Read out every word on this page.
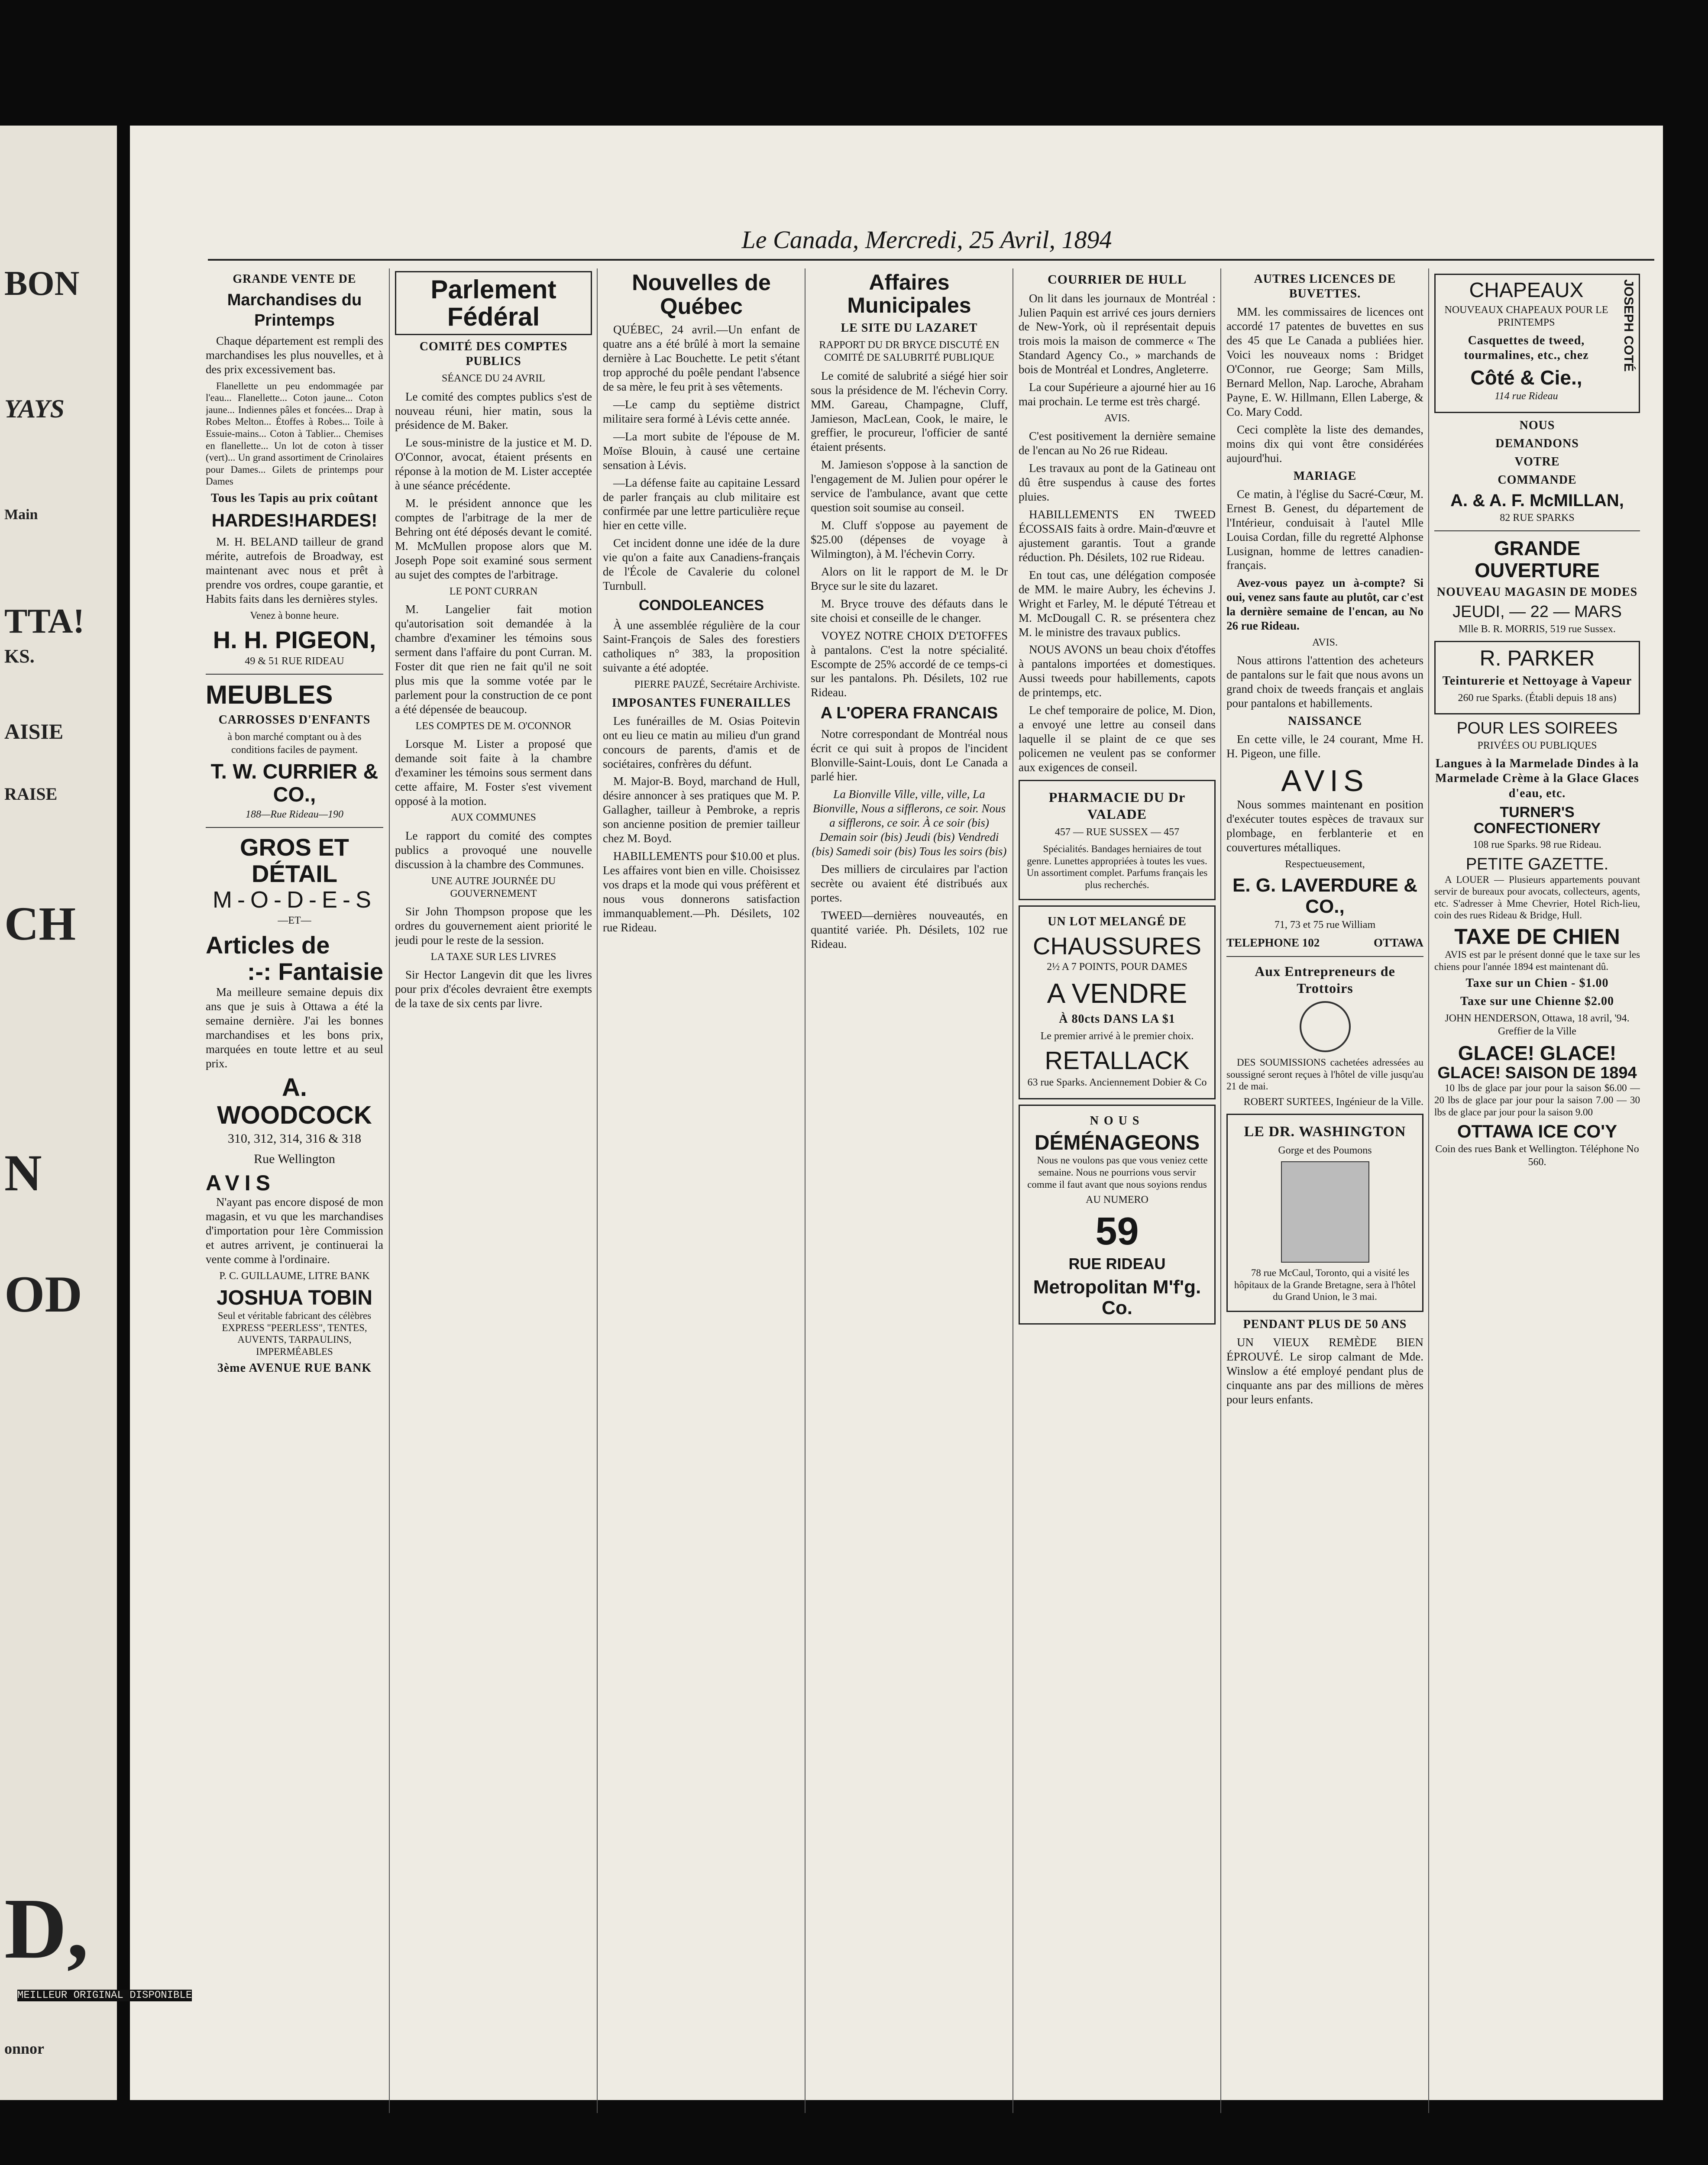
BON
YAYS
Main
TTA!
KS.
AISIE
RAISE
CH
N
OD
D,
onnor
Le Canada, Mercredi, 25 Avril, 1894
GRANDE VENTE DE
Marchandises du Printemps

Chaque département est rempli des marchandises les plus nouvelles, et à des prix excessivement bas.

Flanellette un peu endommagée par l'eau... Flanellette... Coton jaune... Coton jaune... Indiennes pâles et foncées... Drap à Robes Melton... Étoffes à Robes... Toile à Essuie-mains... Coton à Tablier... Chemises en flanellette... Un lot de coton à tisser (vert)... Un grand assortiment de Crinolaires pour Dames... Gilets de printemps pour Dames

Tous les Tapis au prix coûtant
HARDES!HARDES!

M. H. BELAND tailleur de grand mérite, autrefois de Broadway, est maintenant avec nous et prêt à prendre vos ordres, coupe garantie, et Habits faits dans les dernières styles.

Venez à bonne heure.
H. H. PIGEON,
49 & 51 RUE RIDEAU
MEUBLES
CARROSSES D'ENFANTS
à bon marché comptant ou à des conditions faciles de payment.
T. W. CURRIER & CO.,
188—Rue Rideau—190
GROS ET DÉTAIL
M-O-D-E-S
—ET—
Articles de
:-: Fantaisie

Ma meilleure semaine depuis dix ans que je suis à Ottawa a été la semaine dernière. J'ai les bonnes marchandises et les bons prix, marquées en toute lettre et au seul prix.

A. WOODCOCK
310, 312, 314, 316 & 318
Rue Wellington
AVIS

N'ayant pas encore disposé de mon magasin, et vu que les marchandises d'importation pour 1ère Commission et autres arrivent, je continuerai la vente comme à l'ordinaire.

P. C. GUILLAUME, LITRE BANK
JOSHUA TOBIN

Seul et véritable fabricant des célèbres EXPRESS "PEERLESS", TENTES, AUVENTS, TARPAULINS, IMPERMÉABLES

3ème AVENUE RUE BANK
Parlement Fédéral
COMITÉ DES COMPTES PUBLICS
SÉANCE DU 24 AVRIL

Le comité des comptes publics s'est de nouveau réuni, hier matin, sous la présidence de M. Baker.

Le sous-ministre de la justice et M. D. O'Connor, avocat, étaient présents en réponse à la motion de M. Lister acceptée à une séance précédente.

M. le président annonce que les comptes de l'arbitrage de la mer de Behring ont été déposés devant le comité. M. McMullen propose alors que M. Joseph Pope soit examiné sous serment au sujet des comptes de l'arbitrage.

LE PONT CURRAN

M. Langelier fait motion qu'autorisation soit demandée à la chambre d'examiner les témoins sous serment dans l'affaire du pont Curran. M. Foster dit que rien ne fait qu'il ne soit plus mis que la somme votée par le parlement pour la construction de ce pont a été dépensée de beaucoup.

LES COMPTES DE M. O'CONNOR

Lorsque M. Lister a proposé que demande soit faite à la chambre d'examiner les témoins sous serment dans cette affaire, M. Foster s'est vivement opposé à la motion.

AUX COMMUNES

Le rapport du comité des comptes publics a provoqué une nouvelle discussion à la chambre des Communes.

UNE AUTRE JOURNÉE DU GOUVERNEMENT

Sir John Thompson propose que les ordres du gouvernement aient priorité le jeudi pour le reste de la session.

LA TAXE SUR LES LIVRES

Sir Hector Langevin dit que les livres pour prix d'écoles devraient être exempts de la taxe de six cents par livre.

Nouvelles de Québec

QUÉBEC, 24 avril.—Un enfant de quatre ans a été brûlé à mort la semaine dernière à Lac Bouchette. Le petit s'étant trop approché du poêle pendant l'absence de sa mère, le feu prit à ses vêtements.

—Le camp du septième district militaire sera formé à Lévis cette année.

—La mort subite de l'épouse de M. Moïse Blouin, à causé une certaine sensation à Lévis.

—La défense faite au capitaine Lessard de parler français au club militaire est confirmée par une lettre particulière reçue hier en cette ville.

Cet incident donne une idée de la dure vie qu'on a faite aux Canadiens-français de l'École de Cavalerie du colonel Turnbull.

CONDOLEANCES

À une assemblée régulière de la cour Saint-François de Sales des forestiers catholiques n° 383, la proposition suivante a été adoptée.

PIERRE PAUZÉ, Secrétaire Archiviste.
IMPOSANTES FUNERAILLES

Les funérailles de M. Osias Poitevin ont eu lieu ce matin au milieu d'un grand concours de parents, d'amis et de sociétaires, confrères du défunt.

M. Major-B. Boyd, marchand de Hull, désire annoncer à ses pratiques que M. P. Gallagher, tailleur à Pembroke, a repris son ancienne position de premier tailleur chez M. Boyd.

HABILLEMENTS pour $10.00 et plus. Les affaires vont bien en ville. Choisissez vos draps et la mode qui vous préfèrent et nous vous donnerons satisfaction immanquablement.—Ph. Désilets, 102 rue Rideau.

Affaires Municipales
LE SITE DU LAZARET
RAPPORT DU DR BRYCE DISCUTÉ EN COMITÉ DE SALUBRITÉ PUBLIQUE

Le comité de salubrité a siégé hier soir sous la présidence de M. l'échevin Corry. MM. Gareau, Champagne, Cluff, Jamieson, MacLean, Cook, le maire, le greffier, le procureur, l'officier de santé étaient présents.

M. Jamieson s'oppose à la sanction de l'engagement de M. Julien pour opérer le service de l'ambulance, avant que cette question soit soumise au conseil.

M. Cluff s'oppose au payement de $25.00 (dépenses de voyage à Wilmington), à M. l'échevin Corry.

Alors on lit le rapport de M. le Dr Bryce sur le site du lazaret.

M. Bryce trouve des défauts dans le site choisi et conseille de le changer.

VOYEZ NOTRE CHOIX D'ETOFFES à pantalons. C'est la notre spécialité. Escompte de 25% accordé de ce temps-ci sur les pantalons. Ph. Désilets, 102 rue Rideau.

A L'OPERA FRANCAIS

Notre correspondant de Montréal nous écrit ce qui suit à propos de l'incident Blonville-Saint-Louis, dont Le Canada a parlé hier.

La Bionville Ville, ville, ville, La Bionville, Nous a sifflerons, ce soir. Nous a sifflerons, ce soir. À ce soir (bis) Demain soir (bis) Jeudi (bis) Vendredi (bis) Samedi soir (bis) Tous les soirs (bis)

Des milliers de circulaires par l'action secrète ou avaient été distribués aux portes.

TWEED—dernières nouveautés, en quantité variée. Ph. Désilets, 102 rue Rideau.

COURRIER DE HULL

On lit dans les journaux de Montréal : Julien Paquin est arrivé ces jours derniers de New-York, où il représentait depuis trois mois la maison de commerce « The Standard Agency Co., » marchands de bois de Montréal et Londres, Angleterre.

La cour Supérieure a ajourné hier au 16 mai prochain. Le terme est très chargé.

AVIS.

C'est positivement la dernière semaine de l'encan au No 26 rue Rideau.

Les travaux au pont de la Gatineau ont dû être suspendus à cause des fortes pluies.

HABILLEMENTS EN TWEED ÉCOSSAIS faits à ordre. Main-d'œuvre et ajustement garantis. Tout a grande réduction. Ph. Désilets, 102 rue Rideau.

En tout cas, une délégation composée de MM. le maire Aubry, les échevins J. Wright et Farley, M. le député Tétreau et M. McDougall C. R. se présentera chez M. le ministre des travaux publics.

NOUS AVONS un beau choix d'étoffes à pantalons importées et domestiques. Aussi tweeds pour habillements, capots de printemps, etc.

Le chef temporaire de police, M. Dion, a envoyé une lettre au conseil dans laquelle il se plaint de ce que ses policemen ne veulent pas se conformer aux exigences de conseil.

PHARMACIE DU Dr VALADE
457 — RUE SUSSEX — 457

Spécialités. Bandages herniaires de tout genre. Lunettes appropriées à toutes les vues. Un assortiment complet. Parfums français les plus recherchés.

UN LOT MELANGÉ DE
CHAUSSURES
2½ A 7 POINTS, POUR DAMES
A VENDRE
À 80cts DANS LA $1
Le premier arrivé à le premier choix.
RETALLACK
63 rue Sparks. Anciennement Dobier & Co
NOUS
DÉMÉNAGEONS

Nous ne voulons pas que vous veniez cette semaine. Nous ne pourrions vous servir comme il faut avant que nous soyions rendus

AU NUMERO
59
RUE RIDEAU
Metropolitan M'f'g. Co.
AUTRES LICENCES DE BUVETTES.

MM. les commissaires de licences ont accordé 17 patentes de buvettes en sus des 45 que Le Canada a publiées hier. Voici les nouveaux noms : Bridget O'Connor, rue George; Sam Mills, Bernard Mellon, Nap. Laroche, Abraham Payne, E. W. Hillmann, Ellen Laberge, & Co. Mary Codd.

Ceci complète la liste des demandes, moins dix qui vont être considérées aujourd'hui.

MARIAGE

Ce matin, à l'église du Sacré-Cœur, M. Ernest B. Genest, du département de l'Intérieur, conduisait à l'autel Mlle Louisa Cordan, fille du regretté Alphonse Lusignan, homme de lettres canadien-français.

Avez-vous payez un à-compte? Si oui, venez sans faute au plutôt, car c'est la dernière semaine de l'encan, au No 26 rue Rideau.

AVIS.

Nous attirons l'attention des acheteurs de pantalons sur le fait que nous avons un grand choix de tweeds français et anglais pour pantalons et habillements.

NAISSANCE

En cette ville, le 24 courant, Mme H. H. Pigeon, une fille.

AVIS

Nous sommes maintenant en position d'exécuter toutes espèces de travaux sur plombage, en ferblanterie et en couvertures métalliques.

Respectueusement,
E. G. LAVERDURE & CO.,
71, 73 et 75 rue William
TELEPHONE 102	OTTAWA
Aux Entrepreneurs de Trottoirs

DES SOUMISSIONS cachetées adressées au soussigné seront reçues à l'hôtel de ville jusqu'au 21 de mai.

ROBERT SURTEES, Ingénieur de la Ville.
LE DR. WASHINGTON
Gorge et des Poumons

78 rue McCaul, Toronto, qui a visité les hôpitaux de la Grande Bretagne, sera à l'hôtel du Grand Union, le 3 mai.

PENDANT PLUS DE 50 ANS

UN VIEUX REMÈDE BIEN ÉPROUVÉ. Le sirop calmant de Mde. Winslow a été employé pendant plus de cinquante ans par des millions de mères pour leurs enfants.

CHAPEAUX
NOUVEAUX CHAPEAUX POUR LE PRINTEMPS
Casquettes de tweed, tourmalines, etc., chez
Côté & Cie.,
114 rue Rideau
JOSEPH COTÉ
NOUS
DEMANDONS
VOTRE
COMMANDE
A. & A. F. McMILLAN,
82 RUE SPARKS
GRANDE OUVERTURE
NOUVEAU MAGASIN DE MODES
JEUDI, — 22 — MARS
Mlle B. R. MORRIS, 519 rue Sussex.
R. PARKER
Teinturerie et Nettoyage à Vapeur
260 rue Sparks. (Établi depuis 18 ans)
POUR LES SOIREES
PRIVÉES OU PUBLIQUES
Langues à la Marmelade Dindes à la Marmelade Crème à la Glace Glaces d'eau, etc.
TURNER'S CONFECTIONERY
108 rue Sparks. 98 rue Rideau.
PETITE GAZETTE.

A LOUER — Plusieurs appartements pouvant servir de bureaux pour avocats, collecteurs, agents, etc. S'adresser à Mme Chevrier, Hotel Rich-lieu, coin des rues Rideau & Bridge, Hull.

TAXE DE CHIEN

AVIS est par le présent donné que le taxe sur les chiens pour l'année 1894 est maintenant dû.

Taxe sur un Chien - $1.00
Taxe sur une Chienne $2.00
JOHN HENDERSON, Ottawa, 18 avril, '94. Greffier de la Ville
GLACE! GLACE!
GLACE! SAISON DE 1894

10 lbs de glace par jour pour la saison $6.00 — 20 lbs de glace par jour pour la saison 7.00 — 30 lbs de glace par jour pour la saison 9.00

OTTAWA ICE CO'Y
Coin des rues Bank et Wellington. Téléphone No 560.
MEILLEUR ORIGINAL DISPONIBLE
